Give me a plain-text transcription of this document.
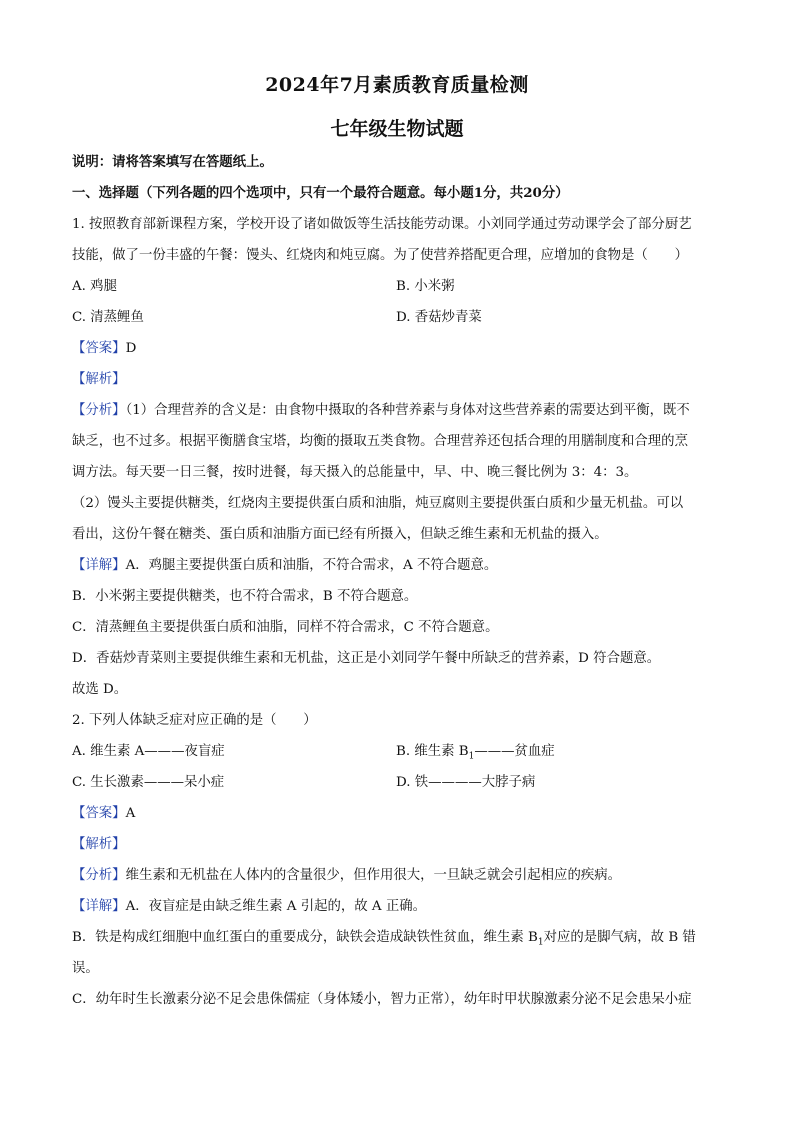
2024年7月素质教育质量检测
七年级生物试题
说明：请将答案填写在答题纸上。
一、选择题（下列各题的四个选项中，只有一个最符合题意。每小题1分，共20分）
1. 按照教育部新课程方案，学校开设了诸如做饭等生活技能劳动课。小刘同学通过劳动课学会了部分厨艺
技能，做了一份丰盛的午餐：馒头、红烧肉和炖豆腐。为了使营养搭配更合理，应增加的食物是（　　）
A. 鸡腿	B. 小米粥
C. 清蒸鲤鱼	D. 香菇炒青菜
【答案】D
【解析】
【分析】（1）合理营养的含义是：由食物中摄取的各种营养素与身体对这些营养素的需要达到平衡，既不
缺乏，也不过多。根据平衡膳食宝塔，均衡的摄取五类食物。合理营养还包括合理的用膳制度和合理的烹
调方法。每天要一日三餐，按时进餐，每天摄入的总能量中，早、中、晚三餐比例为 3：4：3。
（2）馒头主要提供糖类，红烧肉主要提供蛋白质和油脂，炖豆腐则主要提供蛋白质和少量无机盐。可以
看出，这份午餐在糖类、蛋白质和油脂方面已经有所摄入，但缺乏维生素和无机盐的摄入。
【详解】A．鸡腿主要提供蛋白质和油脂，不符合需求，A 不符合题意。
B．小米粥主要提供糖类，也不符合需求，B 不符合题意。
C．清蒸鲤鱼主要提供蛋白质和油脂，同样不符合需求，C 不符合题意。
D．香菇炒青菜则主要提供维生素和无机盐，这正是小刘同学午餐中所缺乏的营养素，D 符合题意。
故选 D。
2. 下列人体缺乏症对应正确的是（　　）
A. 维生素 A———夜盲症	B. 维生素 $B_1———$贫血症
C. 生长激素———呆小症	D. 铁————大脖子病
【答案】A
【解析】
【分析】维生素和无机盐在人体内的含量很少，但作用很大，一旦缺乏就会引起相应的疾病。
【详解】A．夜盲症是由缺乏维生素 A 引起的，故 A 正确。
B．铁是构成红细胞中血红蛋白的重要成分，缺铁会造成缺铁性贫血，维生素 $B_1$对应的是脚气病，故 B 错
误。
C．幼年时生长激素分泌不足会患侏儒症（身体矮小，智力正常），幼年时甲状腺激素分泌不足会患呆小症
